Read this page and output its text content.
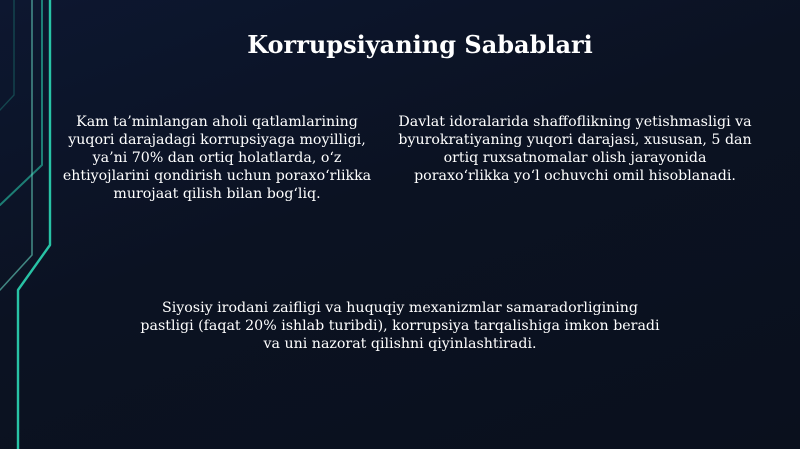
Korrupsiyaning Sabablari

Kam ta’minlangan aholi qatlamlarining yuqori darajadagi korrupsiyaga moyilligi, ya’ni 70% dan ortiq holatlarda, o‘z ehtiyojlarini qondirish uchun poraxo‘rlikka murojaat qilish bilan bog‘liq.

Davlat idoralarida shaffoflikning yetishmasligi va byurokratiyaning yuqori darajasi, xususan, 5 dan ortiq ruxsatnomalar olish jarayonida poraxo‘rlikka yo‘l ochuvchi omil hisoblanadi.

Siyosiy irodani zaifligi va huquqiy mexanizmlar samaradorligining pastligi (faqat 20% ishlab turibdi), korrupsiya tarqalishiga imkon beradi va uni nazorat qilishni qiyinlashtiradi.
